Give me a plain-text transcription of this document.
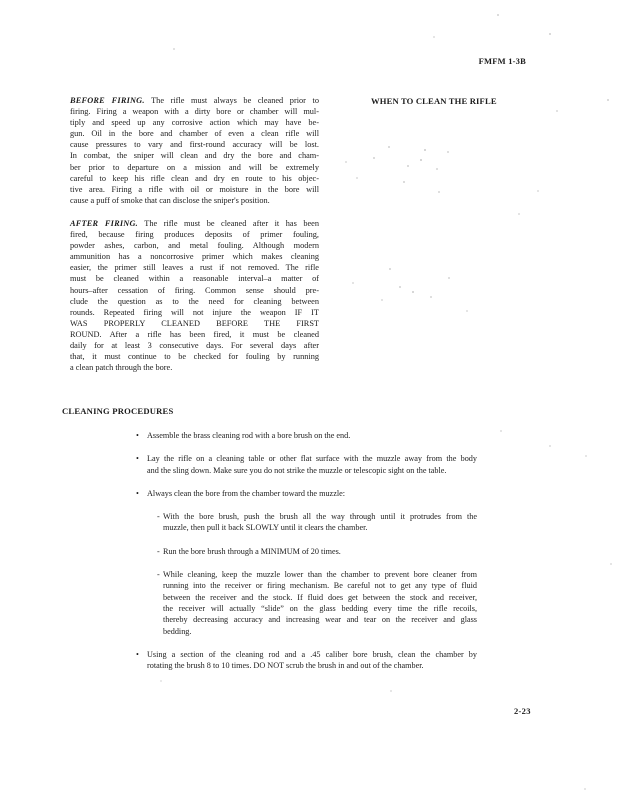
FMFM 1-3B
WHEN TO CLEAN THE RIFLE
BEFORE FIRING. The rifle must always be cleaned prior to
firing. Firing a weapon with a dirty bore or chamber will mul-
tiply and speed up any corrosive action which may have be-
gun. Oil in the bore and chamber of even a clean rifle will
cause pressures to vary and first-round accuracy will be lost.
In combat, the sniper will clean and dry the bore and cham-
ber prior to departure on a mission and will be extremely
careful to keep his rifle clean and dry en route to his objec-
tive area. Firing a rifle with oil or moisture in the bore will
cause a puff of smoke that can disclose the sniper's position.
AFTER FIRING. The rifle must be cleaned after it has been
fired, because firing produces deposits of primer fouling,
powder ashes, carbon, and metal fouling. Although modern
ammunition has a noncorrosive primer which makes cleaning
easier, the primer still leaves a rust if not removed. The rifle
must be cleaned within a reasonable interval–a matter of
hours–after cessation of firing. Common sense should pre-
clude the question as to the need for cleaning between
rounds. Repeated firing will not injure the weapon IF IT
WAS PROPERLY CLEANED BEFORE THE FIRST
ROUND. After a rifle has been fired, it must be cleaned
daily for at least 3 consecutive days. For several days after
that, it must continue to be checked for fouling by running
a clean patch through the bore.
CLEANING PROCEDURES
• Assemble the brass cleaning rod with a bore brush on the end.
• Lay the rifle on a cleaning table or other flat surface with the muzzle away from the body
and the sling down. Make sure you do not strike the muzzle or telescopic sight on the table.
• Always clean the bore from the chamber toward the muzzle:
- With the bore brush, push the brush all the way through until it protrudes from the
muzzle, then pull it back SLOWLY until it clears the chamber.
- Run the bore brush through a MINIMUM of 20 times.
- While cleaning, keep the muzzle lower than the chamber to prevent bore cleaner from
running into the receiver or firing mechanism. Be careful not to get any type of fluid
between the receiver and the stock. If fluid does get between the stock and receiver,
the receiver will actually “slide” on the glass bedding every time the rifle recoils,
thereby decreasing accuracy and increasing wear and tear on the receiver and glass
bedding.
• Using a section of the cleaning rod and a .45 caliber bore brush, clean the chamber by
rotating the brush 8 to 10 times. DO NOT scrub the brush in and out of the chamber.
2-23
